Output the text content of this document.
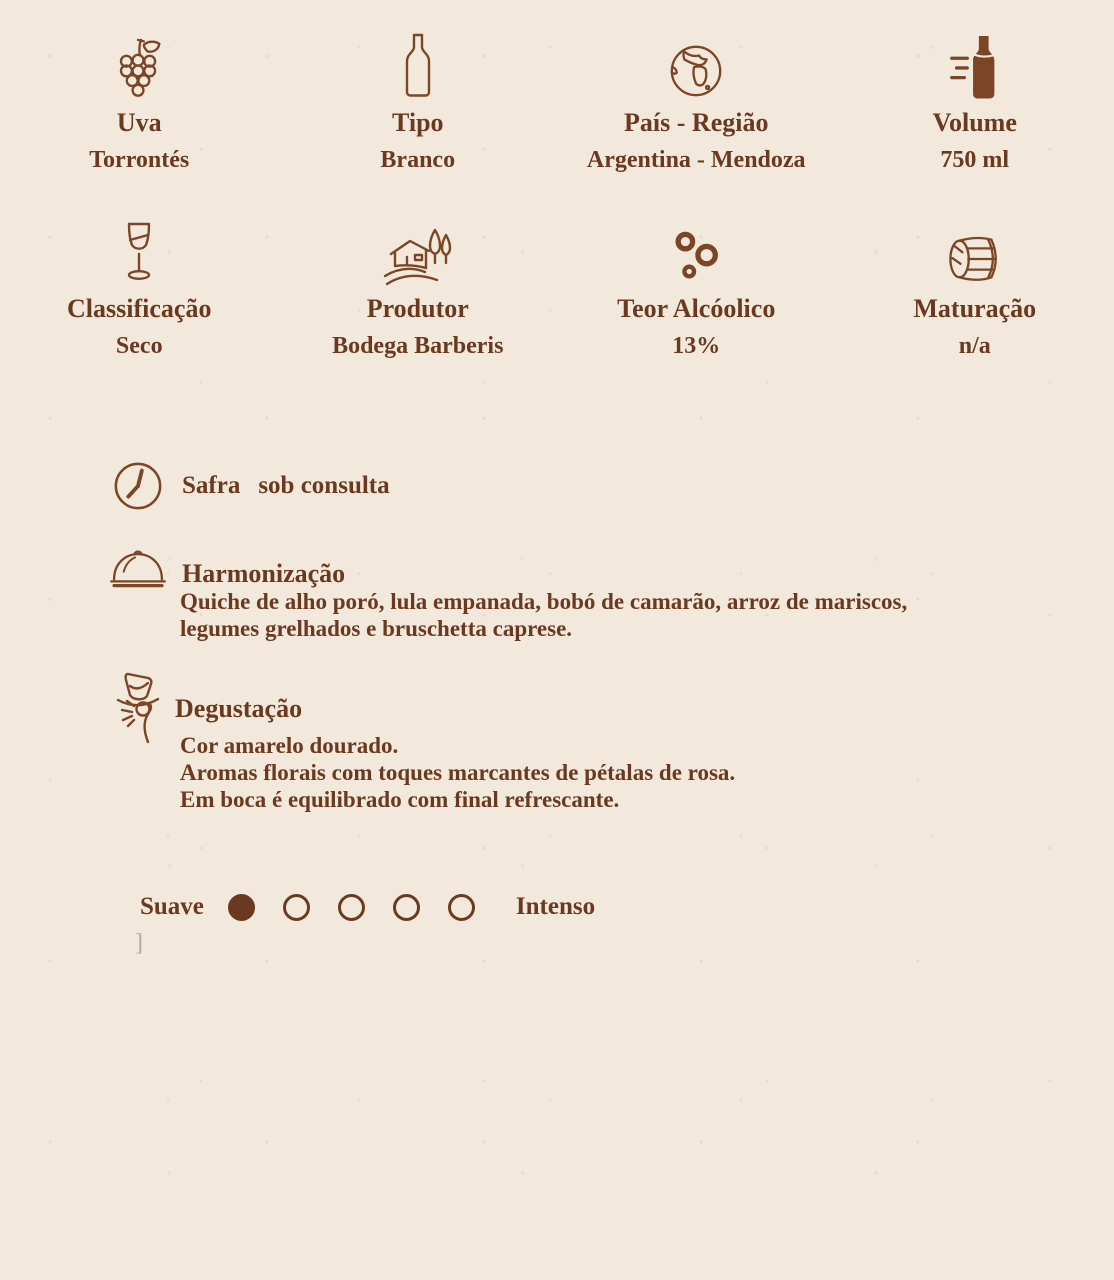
Uva
Torrontés
Tipo
Branco
País - Região
Argentina - Mendoza
Volume
750 ml
Classificação
Seco
Produtor
Bodega Barberis
Teor Alcóolico
13%
Maturação
n/a
Safra sob consulta
Harmonização
Quiche de alho poró, lula empanada, bobó de camarão, arroz de mariscos, legumes grelhados e bruschetta caprese.
Degustação
Cor amarelo dourado.
Aromas florais com toques marcantes de pétalas de rosa.
Em boca é equilibrado com final refrescante.
Suave	Intenso
]
